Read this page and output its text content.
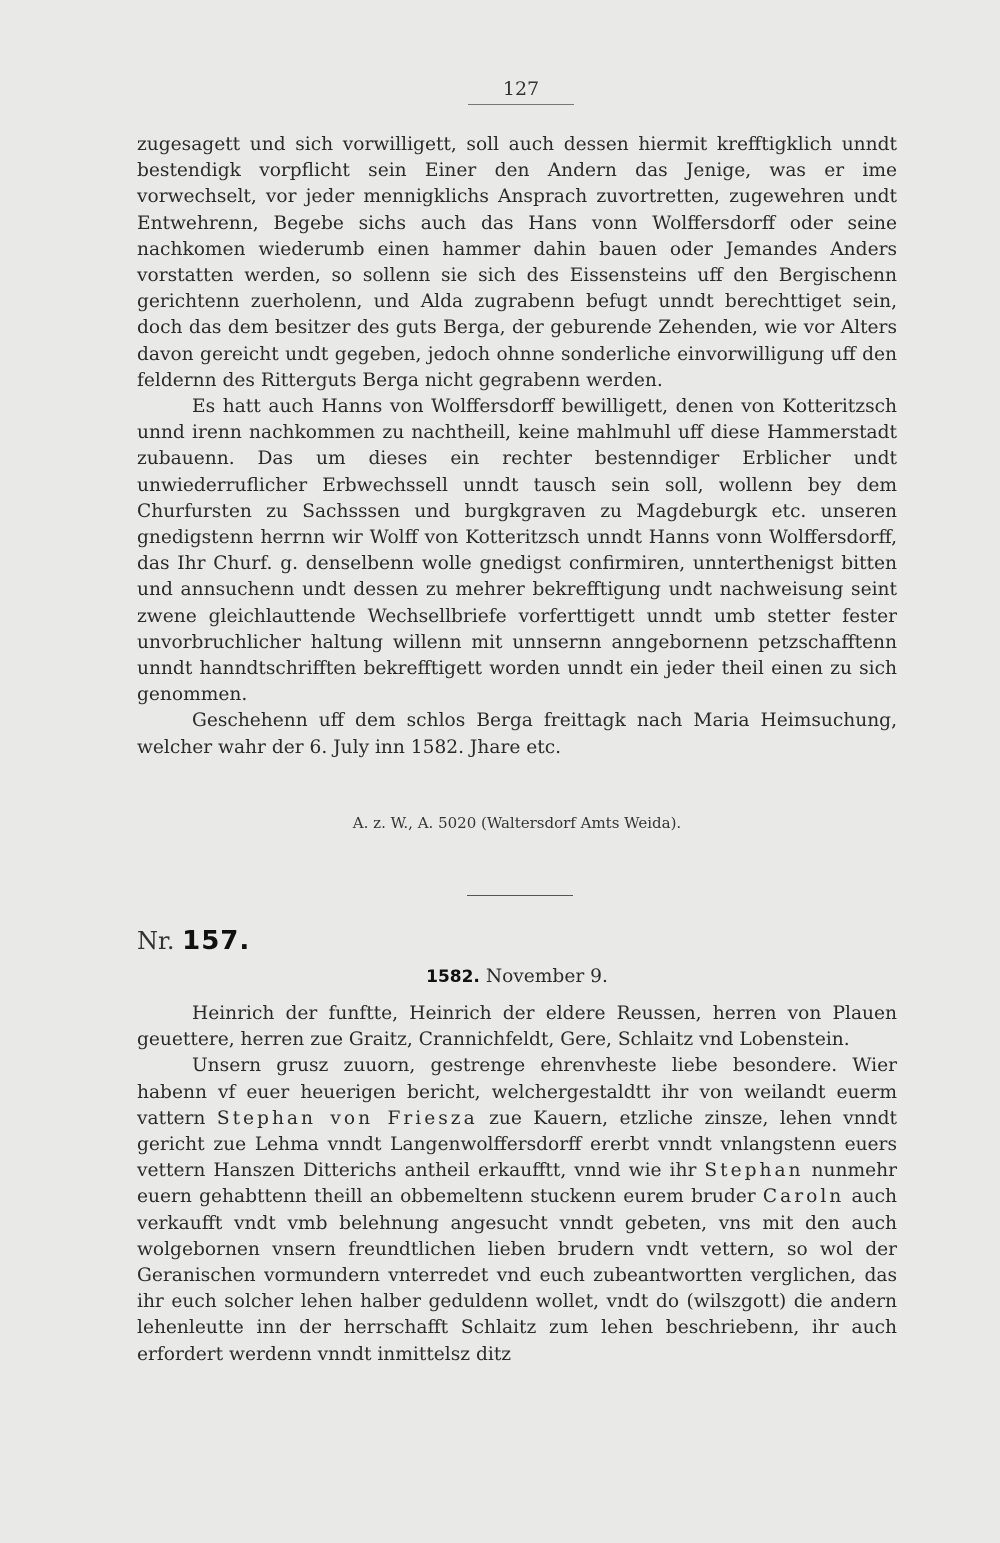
127

zugesagett und sich vorwilligett, soll auch dessen hiermit krefftigklich unndt bestendigk vorpflicht sein Einer den Andern das Jenige, was er ime vorwechselt, vor jeder mennigklichs Ansprach zuvortretten, zugewehren undt Entwehrenn, Begebe sichs auch das Hans vonn Wolffersdorff oder seine nachkomen wiederumb einen hammer dahin bauen oder Jemandes Anders vorstatten werden, so sollenn sie sich des Eissensteins uff den Bergischenn gerichtenn zuerholenn, und Alda zugrabenn befugt unndt berechttiget sein, doch das dem besitzer des guts Berga, der geburende Zehenden, wie vor Alters davon gereicht undt gegeben, jedoch ohnne sonderliche einvorwilligung uff den feldernn des Ritterguts Berga nicht gegrabenn werden.

Es hatt auch Hanns von Wolffersdorff bewilligett, denen von Kotteritzsch unnd irenn nachkommen zu nachtheill, keine mahlmuhl uff diese Hammerstadt zubauenn. Das um dieses ein rechter bestenndiger Erblicher undt unwiederruflicher Erbwechssell unndt tausch sein soll, wollenn bey dem Churfursten zu Sachsssen und burgkgraven zu Magdeburgk etc. unseren gnedigstenn herrnn wir Wolff von Kotteritzsch unndt Hanns vonn Wolffersdorff, das Ihr Churf. g. denselbenn wolle gnedigst confirmiren, unnterthenigst bitten und annsuchenn undt dessen zu mehrer bekrefftigung undt nachweisung seint zwene gleichlauttende Wechsellbriefe vorferttigett unndt umb stetter fester unvorbruchlicher haltung willenn mit unnsernn anngebornenn petzschafftenn unndt hanndtschrifften bekrefftigett worden unndt ein jeder theil einen zu sich genommen.

Geschehenn uff dem schlos Berga freittagk nach Maria Heimsuchung, welcher wahr der 6. July inn 1582. Jhare etc.

A. z. W., A. 5020 (Waltersdorf Amts Weida).
Nr. 157.
1582. November 9.

Heinrich der funftte, Heinrich der eldere Reussen, herren von Plauen geuettere, herren zue Graitz, Crannichfeldt, Gere, Schlaitz vnd Lobenstein.

Unsern grusz zuuorn, gestrenge ehrenvheste liebe besondere. Wier habenn vf euer heuerigen bericht, welchergestaldtt ihr von weilandt euerm vattern Stephan von Friesza zue Kauern, etzliche zinsze, lehen vnndt gericht zue Lehma vnndt Langenwolffersdorff ererbt vnndt vnlangstenn euers vettern Hanszen Ditterichs antheil erkaufftt, vnnd wie ihr Stephan nunmehr euern gehabttenn theill an obbemeltenn stuckenn eurem bruder Caroln auch verkaufft vndt vmb belehnung angesucht vnndt gebeten, vns mit den auch wolgebornen vnsern freundtlichen lieben brudern vndt vettern, so wol der Geranischen vormundern vnterredet vnd euch zubeantwortten verglichen, das ihr euch solcher lehen halber geduldenn wollet, vndt do (wilszgott) die andern lehenleutte inn der herrschafft Schlaitz zum lehen beschriebenn, ihr auch erfordert werdenn vnndt inmittelsz ditz
